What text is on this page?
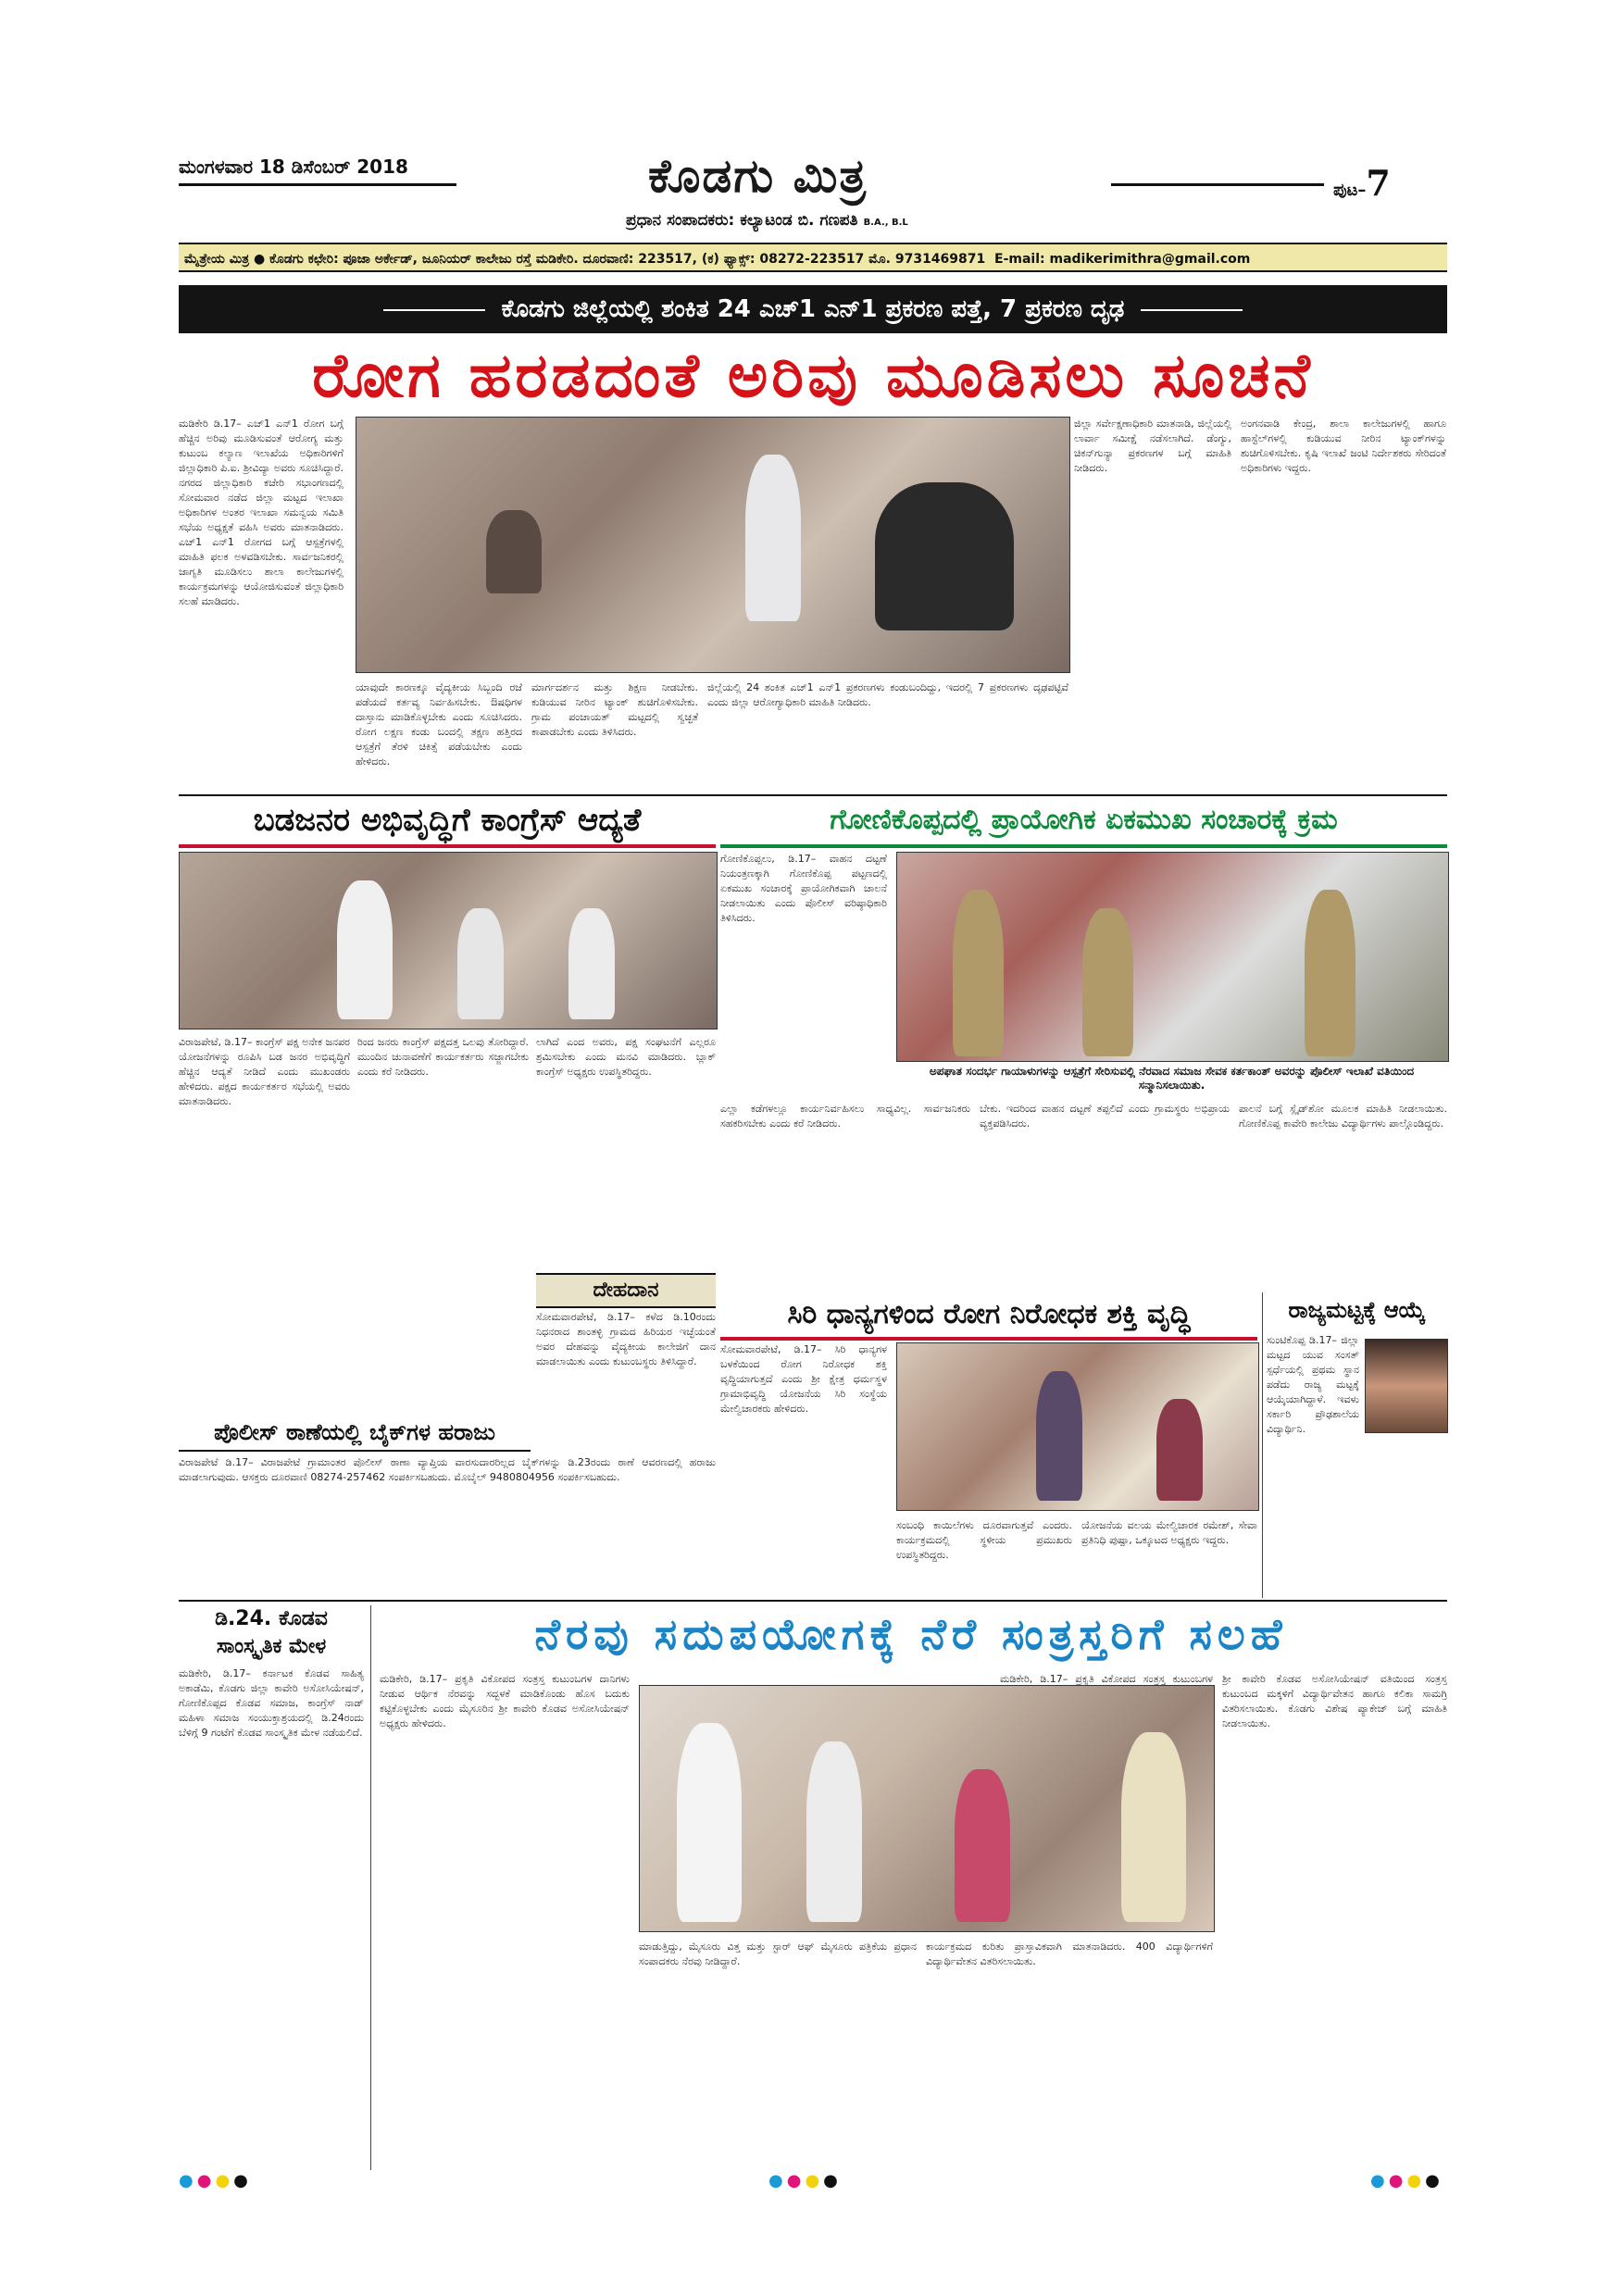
ಮಂಗಳವಾರ 18 ಡಿಸೆಂಬರ್ 2018	ಕೊಡಗು ಮಿತ್ರ
ಪ್ರಧಾನ ಸಂಪಾದಕರು: ಕಲ್ಯಾಟಂಡ ಬಿ. ಗಣಪತಿ B.A., B.L
ಪುಟ–7
ಮೈತ್ರೇಯ ಮಿತ್ರ ● ಕೊಡಗು ಕಛೇರಿ: ಪೂಜಾ ಅರ್ಕೇಡ್, ಜೂನಿಯರ್ ಕಾಲೇಜು ರಸ್ತೆ ಮಡಿಕೇರಿ. ದೂರವಾಣಿ: 223517, (ಕ) ಫ್ಯಾಕ್ಸ್: 08272-223517 ಮೊ. 9731469871 E-mail: madikerimithra@gmail.com
ಕೊಡಗು ಜಿಲ್ಲೆಯಲ್ಲಿ ಶಂಕಿತ 24 ಎಚ್1 ಎನ್1 ಪ್ರಕರಣ ಪತ್ತೆ, 7 ಪ್ರಕರಣ ದೃಢ
ರೋಗ ಹರಡದಂತೆ ಅರಿವು ಮೂಡಿಸಲು ಸೂಚನೆ
ಮಡಿಕೇರಿ ಡಿ.17– ಎಚ್1 ಎನ್1 ರೋಗ ಬಗ್ಗೆ ಹೆಚ್ಚಿನ ಅರಿವು ಮೂಡಿಸುವಂತೆ ಆರೋಗ್ಯ ಮತ್ತು ಕುಟುಂಬ ಕಲ್ಯಾಣ ಇಲಾಖೆಯ ಅಧಿಕಾರಿಗಳಿಗೆ ಜಿಲ್ಲಾಧಿಕಾರಿ ಪಿ.ಐ. ಶ್ರೀವಿದ್ಯಾ ಅವರು ಸೂಚಿಸಿದ್ದಾರೆ. ನಗರದ ಜಿಲ್ಲಾಧಿಕಾರಿ ಕಚೇರಿ ಸಭಾಂಗಣದಲ್ಲಿ ಸೋಮವಾರ ನಡೆದ ಜಿಲ್ಲಾ ಮಟ್ಟದ ಇಲಾಖಾ ಅಧಿಕಾರಿಗಳ ಅಂತರ ಇಲಾಖಾ ಸಮನ್ವಯ ಸಮಿತಿ ಸಭೆಯ ಅಧ್ಯಕ್ಷತೆ ವಹಿಸಿ ಅವರು ಮಾತನಾಡಿದರು. ಎಚ್1 ಎನ್1 ರೋಗದ ಬಗ್ಗೆ ಆಸ್ಪತ್ರೆಗಳಲ್ಲಿ ಮಾಹಿತಿ ಫಲಕ ಅಳವಡಿಸಬೇಕು. ಸಾರ್ವಜನಿಕರಲ್ಲಿ ಜಾಗೃತಿ ಮೂಡಿಸಲು ಶಾಲಾ ಕಾಲೇಜುಗಳಲ್ಲಿ ಕಾರ್ಯಕ್ರಮಗಳನ್ನು ಆಯೋಜಿಸುವಂತೆ ಜಿಲ್ಲಾಧಿಕಾರಿ ಸಲಹೆ ಮಾಡಿದರು.
ಜಿಲ್ಲಾ ಸರ್ವೇಕ್ಷಣಾಧಿಕಾರಿ ಮಾತನಾಡಿ, ಜಿಲ್ಲೆಯಲ್ಲಿ ಲಾರ್ವಾ ಸಮೀಕ್ಷೆ ನಡೆಸಲಾಗಿದೆ. ಡೆಂಗ್ಯು, ಚಿಕನ್‌ಗುನ್ಯಾ ಪ್ರಕರಣಗಳ ಬಗ್ಗೆ ಮಾಹಿತಿ ನೀಡಿದರು.
ಅಂಗನವಾಡಿ ಕೇಂದ್ರ, ಶಾಲಾ ಕಾಲೇಜುಗಳಲ್ಲಿ ಹಾಗೂ ಹಾಸ್ಟೆಲ್‌ಗಳಲ್ಲಿ ಕುಡಿಯುವ ನೀರಿನ ಟ್ಯಾಂಕ್‌ಗಳನ್ನು ಶುಚಿಗೊಳಿಸಬೇಕು. ಕೃಷಿ ಇಲಾಖೆ ಜಂಟಿ ನಿರ್ದೇಶಕರು ಸೇರಿದಂತೆ ಅಧಿಕಾರಿಗಳು ಇದ್ದರು.
ಯಾವುದೇ ಕಾರಣಕ್ಕೂ ವೈದ್ಯಕೀಯ ಸಿಬ್ಬಂದಿ ರಜೆ ಪಡೆಯದೆ ಕರ್ತವ್ಯ ನಿರ್ವಹಿಸಬೇಕು. ಔಷಧಿಗಳ ದಾಸ್ತಾನು ಮಾಡಿಕೊಳ್ಳಬೇಕು ಎಂದು ಸೂಚಿಸಿದರು. ರೋಗ ಲಕ್ಷಣ ಕಂಡು ಬಂದಲ್ಲಿ ತಕ್ಷಣ ಹತ್ತಿರದ ಆಸ್ಪತ್ರೆಗೆ ತೆರಳಿ ಚಿಕಿತ್ಸೆ ಪಡೆಯಬೇಕು ಎಂದು ಹೇಳಿದರು.
ಮಾರ್ಗದರ್ಶನ ಮತ್ತು ಶಿಕ್ಷಣ ನೀಡಬೇಕು. ಕುಡಿಯುವ ನೀರಿನ ಟ್ಯಾಂಕ್ ಶುಚಿಗೊಳಿಸಬೇಕು. ಗ್ರಾಮ ಪಂಚಾಯತ್ ಮಟ್ಟದಲ್ಲಿ ಸ್ವಚ್ಛತೆ ಕಾಪಾಡಬೇಕು ಎಂದು ತಿಳಿಸಿದರು.
ಜಿಲ್ಲೆಯಲ್ಲಿ 24 ಶಂಕಿತ ಎಚ್1 ಎನ್1 ಪ್ರಕರಣಗಳು ಕಂಡುಬಂದಿದ್ದು, ಇದರಲ್ಲಿ 7 ಪ್ರಕರಣಗಳು ದೃಢಪಟ್ಟಿವೆ ಎಂದು ಜಿಲ್ಲಾ ಆರೋಗ್ಯಾಧಿಕಾರಿ ಮಾಹಿತಿ ನೀಡಿದರು.
ಬಡಜನರ ಅಭಿವೃದ್ಧಿಗೆ ಕಾಂಗ್ರೆಸ್ ಆದ್ಯತೆ
ವಿರಾಜಪೇಟೆ, ಡಿ.17– ಕಾಂಗ್ರೆಸ್ ಪಕ್ಷ ಅನೇಕ ಜನಪರ ಯೋಜನೆಗಳನ್ನು ರೂಪಿಸಿ ಬಡ ಜನರ ಅಭಿವೃದ್ಧಿಗೆ ಹೆಚ್ಚಿನ ಆದ್ಯತೆ ನೀಡಿದೆ ಎಂದು ಮುಖಂಡರು ಹೇಳಿದರು. ಪಕ್ಷದ ಕಾರ್ಯಕರ್ತರ ಸಭೆಯಲ್ಲಿ ಅವರು ಮಾತನಾಡಿದರು.
ರಿಂದ ಜನರು ಕಾಂಗ್ರೆಸ್ ಪಕ್ಷದತ್ತ ಒಲವು ತೋರಿದ್ದಾರೆ. ಮುಂದಿನ ಚುನಾವಣೆಗೆ ಕಾರ್ಯಕರ್ತರು ಸಜ್ಜಾಗಬೇಕು ಎಂದು ಕರೆ ನೀಡಿದರು.
ಲಾಗಿದೆ ಎಂದ ಅವರು, ಪಕ್ಷ ಸಂಘಟನೆಗೆ ಎಲ್ಲರೂ ಶ್ರಮಿಸಬೇಕು ಎಂದು ಮನವಿ ಮಾಡಿದರು. ಬ್ಲಾಕ್ ಕಾಂಗ್ರೆಸ್ ಅಧ್ಯಕ್ಷರು ಉಪಸ್ಥಿತರಿದ್ದರು.
ದೇಹದಾನ
ಸೋಮವಾರಪೇಟೆ, ಡಿ.17– ಕಳೆದ ಡಿ.10ರಂದು ನಿಧನರಾದ ಶಾಂತಳ್ಳಿ ಗ್ರಾಮದ ಹಿರಿಯರ ಇಚ್ಛೆಯಂತೆ ಅವರ ದೇಹವನ್ನು ವೈದ್ಯಕೀಯ ಕಾಲೇಜಿಗೆ ದಾನ ಮಾಡಲಾಯಿತು ಎಂದು ಕುಟುಂಬಸ್ಥರು ತಿಳಿಸಿದ್ದಾರೆ.
ಪೊಲೀಸ್ ಠಾಣೆಯಲ್ಲಿ ಬೈಕ್‌ಗಳ ಹರಾಜು
ವಿರಾಜಪೇಟೆ ಡಿ.17– ವಿರಾಜಪೇಟೆ ಗ್ರಾಮಾಂತರ ಪೊಲೀಸ್ ಠಾಣಾ ವ್ಯಾಪ್ತಿಯ ವಾರಸುದಾರರಿಲ್ಲದ ಬೈಕ್‌ಗಳನ್ನು ಡಿ.23ರಂದು ಠಾಣೆ ಆವರಣದಲ್ಲಿ ಹರಾಜು ಮಾಡಲಾಗುವುದು. ಆಸಕ್ತರು ದೂರವಾಣಿ 08274-257462 ಸಂಪರ್ಕಿಸಬಹುದು. ಮೊಬೈಲ್ 9480804956 ಸಂಪರ್ಕಿಸಬಹುದು.
ಗೋಣಿಕೊಪ್ಪದಲ್ಲಿ ಪ್ರಾಯೋಗಿಕ ಏಕಮುಖ ಸಂಚಾರಕ್ಕೆ ಕ್ರಮ
ಗೋಣಿಕೊಪ್ಪಲು, ಡಿ.17– ವಾಹನ ದಟ್ಟಣೆ ನಿಯಂತ್ರಣಕ್ಕಾಗಿ ಗೋಣಿಕೊಪ್ಪ ಪಟ್ಟಣದಲ್ಲಿ ಏಕಮುಖ ಸಂಚಾರಕ್ಕೆ ಪ್ರಾಯೋಗಿಕವಾಗಿ ಚಾಲನೆ ನೀಡಲಾಯಿತು ಎಂದು ಪೊಲೀಸ್ ವರಿಷ್ಠಾಧಿಕಾರಿ ತಿಳಿಸಿದರು.
ಅಪಘಾತ ಸಂದರ್ಭ ಗಾಯಾಳುಗಳನ್ನು ಆಸ್ಪತ್ರೆಗೆ ಸೇರಿಸುವಲ್ಲಿ ನೆರವಾದ ಸಮಾಜ ಸೇವಕ ಕರ್ತಕಾಂತ್ ಅವರನ್ನು ಪೊಲೀಸ್ ಇಲಾಖೆ ವತಿಯಿಂದ ಸನ್ಮಾನಿಸಲಾಯಿತು.
ಎಲ್ಲಾ ಕಡೆಗಳಲ್ಲೂ ಕಾರ್ಯನಿರ್ವಹಿಸಲು ಸಾಧ್ಯವಿಲ್ಲ. ಸಾರ್ವಜನಿಕರು ಸಹಕರಿಸಬೇಕು ಎಂದು ಕರೆ ನೀಡಿದರು.
ಬೇಕು. ಇದರಿಂದ ವಾಹನ ದಟ್ಟಣೆ ತಪ್ಪಲಿದೆ ಎಂದು ಗ್ರಾಮಸ್ಥರು ಅಭಿಪ್ರಾಯ ವ್ಯಕ್ತಪಡಿಸಿದರು.
ಪಾಲನೆ ಬಗ್ಗೆ ಸ್ಲೈಡ್‌ಶೋ ಮೂಲಕ ಮಾಹಿತಿ ನೀಡಲಾಯಿತು. ಗೋಣಿಕೊಪ್ಪ ಕಾವೇರಿ ಕಾಲೇಜು ವಿದ್ಯಾರ್ಥಿಗಳು ಪಾಲ್ಗೊಂಡಿದ್ದರು.
ಸಿರಿ ಧಾನ್ಯಗಳಿಂದ ರೋಗ ನಿರೋಧಕ ಶಕ್ತಿ ವೃದ್ಧಿ
ಸೋಮವಾರಪೇಟೆ, ಡಿ.17– ಸಿರಿ ಧಾನ್ಯಗಳ ಬಳಕೆಯಿಂದ ರೋಗ ನಿರೋಧಕ ಶಕ್ತಿ ವೃದ್ಧಿಯಾಗುತ್ತದೆ ಎಂದು ಶ್ರೀ ಕ್ಷೇತ್ರ ಧರ್ಮಸ್ಥಳ ಗ್ರಾಮಾಭಿವೃದ್ಧಿ ಯೋಜನೆಯ ಸಿರಿ ಸಂಸ್ಥೆಯ ಮೇಲ್ವಿಚಾರಕರು ಹೇಳಿದರು.
ಸಂಬಂಧಿ ಕಾಯಿಲೆಗಳು ದೂರವಾಗುತ್ತವೆ ಎಂದರು. ಕಾರ್ಯಕ್ರಮದಲ್ಲಿ ಸ್ಥಳೀಯ ಪ್ರಮುಖರು ಉಪಸ್ಥಿತರಿದ್ದರು.
ಯೋಜನೆಯ ವಲಯ ಮೇಲ್ವಿಚಾರಕ ರಮೇಶ್, ಸೇವಾ ಪ್ರತಿನಿಧಿ ಪುಷ್ಪಾ, ಒಕ್ಕೂಟದ ಅಧ್ಯಕ್ಷರು ಇದ್ದರು.
ರಾಜ್ಯಮಟ್ಟಕ್ಕೆ ಆಯ್ಕೆ
ಸುಂಟಿಕೊಪ್ಪ ಡಿ.17– ಜಿಲ್ಲಾ ಮಟ್ಟದ ಯುವ ಸಂಸತ್ ಸ್ಪರ್ಧೆಯಲ್ಲಿ ಪ್ರಥಮ ಸ್ಥಾನ ಪಡೆದು ರಾಜ್ಯ ಮಟ್ಟಕ್ಕೆ ಆಯ್ಕೆಯಾಗಿದ್ದಾಳೆ. ಇವಳು ಸರ್ಕಾರಿ ಪ್ರೌಢಶಾಲೆಯ ವಿದ್ಯಾರ್ಥಿನಿ.
ಡಿ.24. ಕೊಡವ
ಸಾಂಸ್ಕೃತಿಕ ಮೇಳ
ಮಡಿಕೇರಿ, ಡಿ.17– ಕರ್ನಾಟಕ ಕೊಡವ ಸಾಹಿತ್ಯ ಅಕಾಡೆಮಿ, ಕೊಡಗು ಜಿಲ್ಲಾ ಕಾವೇರಿ ಅಸೋಸಿಯೇಷನ್, ಗೋಣಿಕೊಪ್ಪದ ಕೊಡವ ಸಮಾಜ, ಕಾಂಗ್ರೆಸ್ ನಾಡ್ ಮಹಿಳಾ ಸಮಾಜ ಸಂಯುಕ್ತಾಶ್ರಯದಲ್ಲಿ ಡಿ.24ರಂದು ಬೆಳಿಗ್ಗೆ 9 ಗಂಟೆಗೆ ಕೊಡವ ಸಾಂಸ್ಕೃತಿಕ ಮೇಳ ನಡೆಯಲಿದೆ.
ನೆರವು ಸದುಪಯೋಗಕ್ಕೆ ನೆರೆ ಸಂತ್ರಸ್ತರಿಗೆ ಸಲಹೆ
ಮಡಿಕೇರಿ, ಡಿ.17– ಪ್ರಕೃತಿ ವಿಕೋಪದ ಸಂತ್ರಸ್ತ ಕುಟುಂಬಗಳ ಶ್ರೀ ಕಾವೇರಿ ಕೊಡವ ಅಸೋಸಿಯೇಷನ್ ವತಿಯಿಂದ ಸಂತ್ರಸ್ತ ಕುಟುಂಬದ ಮಕ್ಕಳಿಗೆ ವಿದ್ಯಾರ್ಥಿವೇತನ ಹಾಗೂ ಕಲಿಕಾ ಸಾಮಗ್ರಿ ವಿತರಿಸಲಾಯಿತು. ಕೊಡಗು ವಿಶೇಷ ಪ್ಯಾಕೇಜ್ ಬಗ್ಗೆ ಮಾಹಿತಿ ನೀಡಲಾಯಿತು.
ಮಡಿಕೇರಿ, ಡಿ.17– ಪ್ರಕೃತಿ ವಿಕೋಪದ ಸಂತ್ರಸ್ತ ಕುಟುಂಬಗಳ ದಾನಿಗಳು ನೀಡುವ ಆರ್ಥಿಕ ನೆರವನ್ನು ಸದ್ಬಳಕೆ ಮಾಡಿಕೊಂಡು ಹೊಸ ಬದುಕು ಕಟ್ಟಿಕೊಳ್ಳಬೇಕು ಎಂದು ಮೈಸೂರಿನ ಶ್ರೀ ಕಾವೇರಿ ಕೊಡವ ಅಸೋಸಿಯೇಷನ್ ಅಧ್ಯಕ್ಷರು ಹೇಳಿದರು.
ಮಾಡುತ್ತಿದ್ದು, ಮೈಸೂರು ವಿತ್ತ ಮತ್ತು ಸ್ಟಾರ್ ಆಫ್ ಮೈಸೂರು ಪತ್ರಿಕೆಯ ಪ್ರಧಾನ ಸಂಪಾದಕರು ನೆರವು ನೀಡಿದ್ದಾರೆ.
ಕಾರ್ಯಕ್ರಮದ ಕುರಿತು ಪ್ರಾಸ್ತಾವಿಕವಾಗಿ ಮಾತನಾಡಿದರು. 400 ವಿದ್ಯಾರ್ಥಿಗಳಿಗೆ ವಿದ್ಯಾರ್ಥಿವೇತನ ವಿತರಿಸಲಾಯಿತು.
●●●●	●●●●	●●●●
